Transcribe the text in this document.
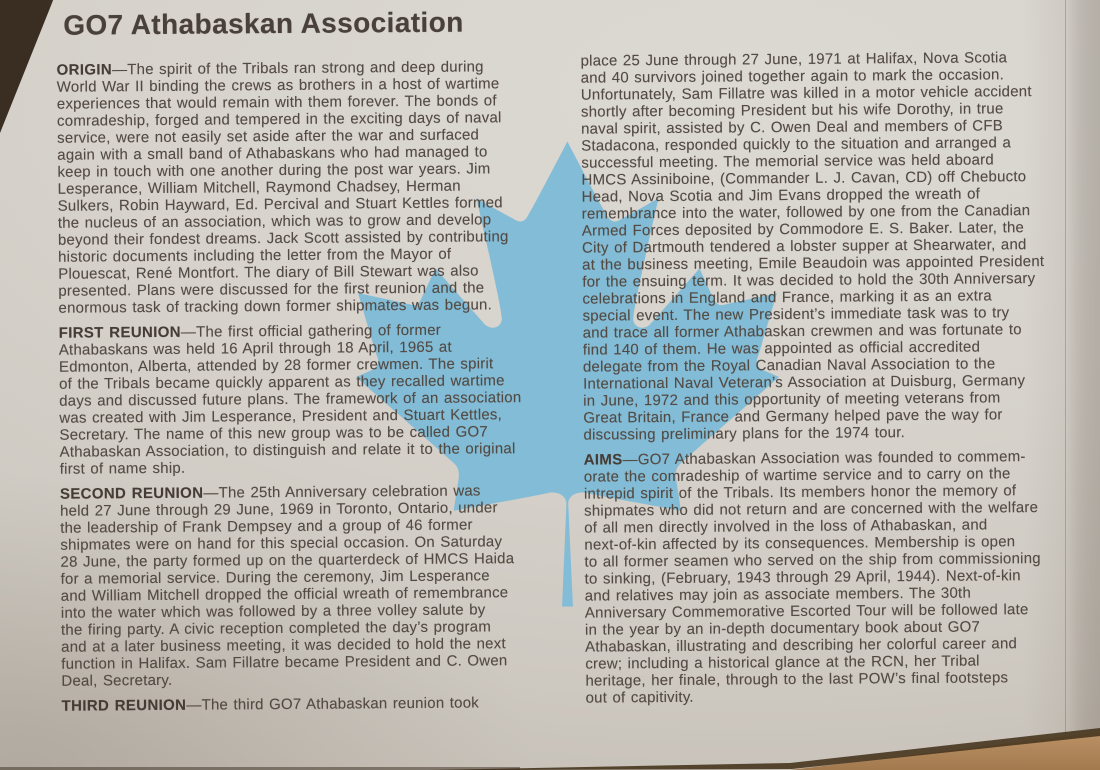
GO7 Athabaskan Association
ORIGIN—The spirit of the Tribals ran strong and deep during
World War II binding the crews as brothers in a host of wartime
experiences that would remain with them forever. The bonds of
comradeship, forged and tempered in the exciting days of naval
service, were not easily set aside after the war and surfaced
again with a small band of Athabaskans who had managed to
keep in touch with one another during the post war years. Jim
Lesperance, William Mitchell, Raymond Chadsey, Herman
Sulkers, Robin Hayward, Ed. Percival and Stuart Kettles formed
the nucleus of an association, which was to grow and develop
beyond their fondest dreams. Jack Scott assisted by contributing
historic documents including the letter from the Mayor of
Plouescat, René Montfort. The diary of Bill Stewart was also
presented. Plans were discussed for the first reunion and the
enormous task of tracking down former shipmates was begun.
FIRST REUNION—The first official gathering of former
Athabaskans was held 16 April through 18 April, 1965 at
Edmonton, Alberta, attended by 28 former crewmen. The spirit
of the Tribals became quickly apparent as they recalled wartime
days and discussed future plans. The framework of an association
was created with Jim Lesperance, President and Stuart Kettles,
Secretary. The name of this new group was to be called GO7
Athabaskan Association, to distinguish and relate it to the original
first of name ship.
SECOND REUNION—The 25th Anniversary celebration was
held 27 June through 29 June, 1969 in Toronto, Ontario, under
the leadership of Frank Dempsey and a group of 46 former
shipmates were on hand for this special occasion. On Saturday
28 June, the party formed up on the quarterdeck of HMCS Haida
for a memorial service. During the ceremony, Jim Lesperance
and William Mitchell dropped the official wreath of remembrance
into the water which was followed by a three volley salute by
the firing party. A civic reception completed the day’s program
and at a later business meeting, it was decided to hold the next
function in Halifax. Sam Fillatre became President and C. Owen
Deal, Secretary.
THIRD REUNION—The third GO7 Athabaskan reunion took
place 25 June through 27 June, 1971 at Halifax, Nova Scotia
and 40 survivors joined together again to mark the occasion.
Unfortunately, Sam Fillatre was killed in a motor vehicle accident
shortly after becoming President but his wife Dorothy, in true
naval spirit, assisted by C. Owen Deal and members of CFB
Stadacona, responded quickly to the situation and arranged a
successful meeting. The memorial service was held aboard
HMCS Assiniboine, (Commander L. J. Cavan, CD) off Chebucto
Head, Nova Scotia and Jim Evans dropped the wreath of
remembrance into the water, followed by one from the Canadian
Armed Forces deposited by Commodore E. S. Baker. Later, the
City of Dartmouth tendered a lobster supper at Shearwater, and
at the business meeting, Emile Beaudoin was appointed President
for the ensuing term. It was decided to hold the 30th Anniversary
celebrations in England and France, marking it as an extra
special event. The new President’s immediate task was to try
and trace all former Athabaskan crewmen and was fortunate to
find 140 of them. He was appointed as official accredited
delegate from the Royal Canadian Naval Association to the
International Naval Veteran’s Association at Duisburg, Germany
in June, 1972 and this opportunity of meeting veterans from
Great Britain, France and Germany helped pave the way for
discussing preliminary plans for the 1974 tour.
AIMS—GO7 Athabaskan Association was founded to commem-
orate the comradeship of wartime service and to carry on the
intrepid spirit of the Tribals. Its members honor the memory of
shipmates who did not return and are concerned with the welfare
of all men directly involved in the loss of Athabaskan, and
next-of-kin affected by its consequences. Membership is open
to all former seamen who served on the ship from commissioning
to sinking, (February, 1943 through 29 April, 1944). Next-of-kin
and relatives may join as associate members. The 30th
Anniversary Commemorative Escorted Tour will be followed late
in the year by an in-depth documentary book about GO7
Athabaskan, illustrating and describing her colorful career and
crew; including a historical glance at the RCN, her Tribal
heritage, her finale, through to the last POW’s final footsteps
out of capitivity.
